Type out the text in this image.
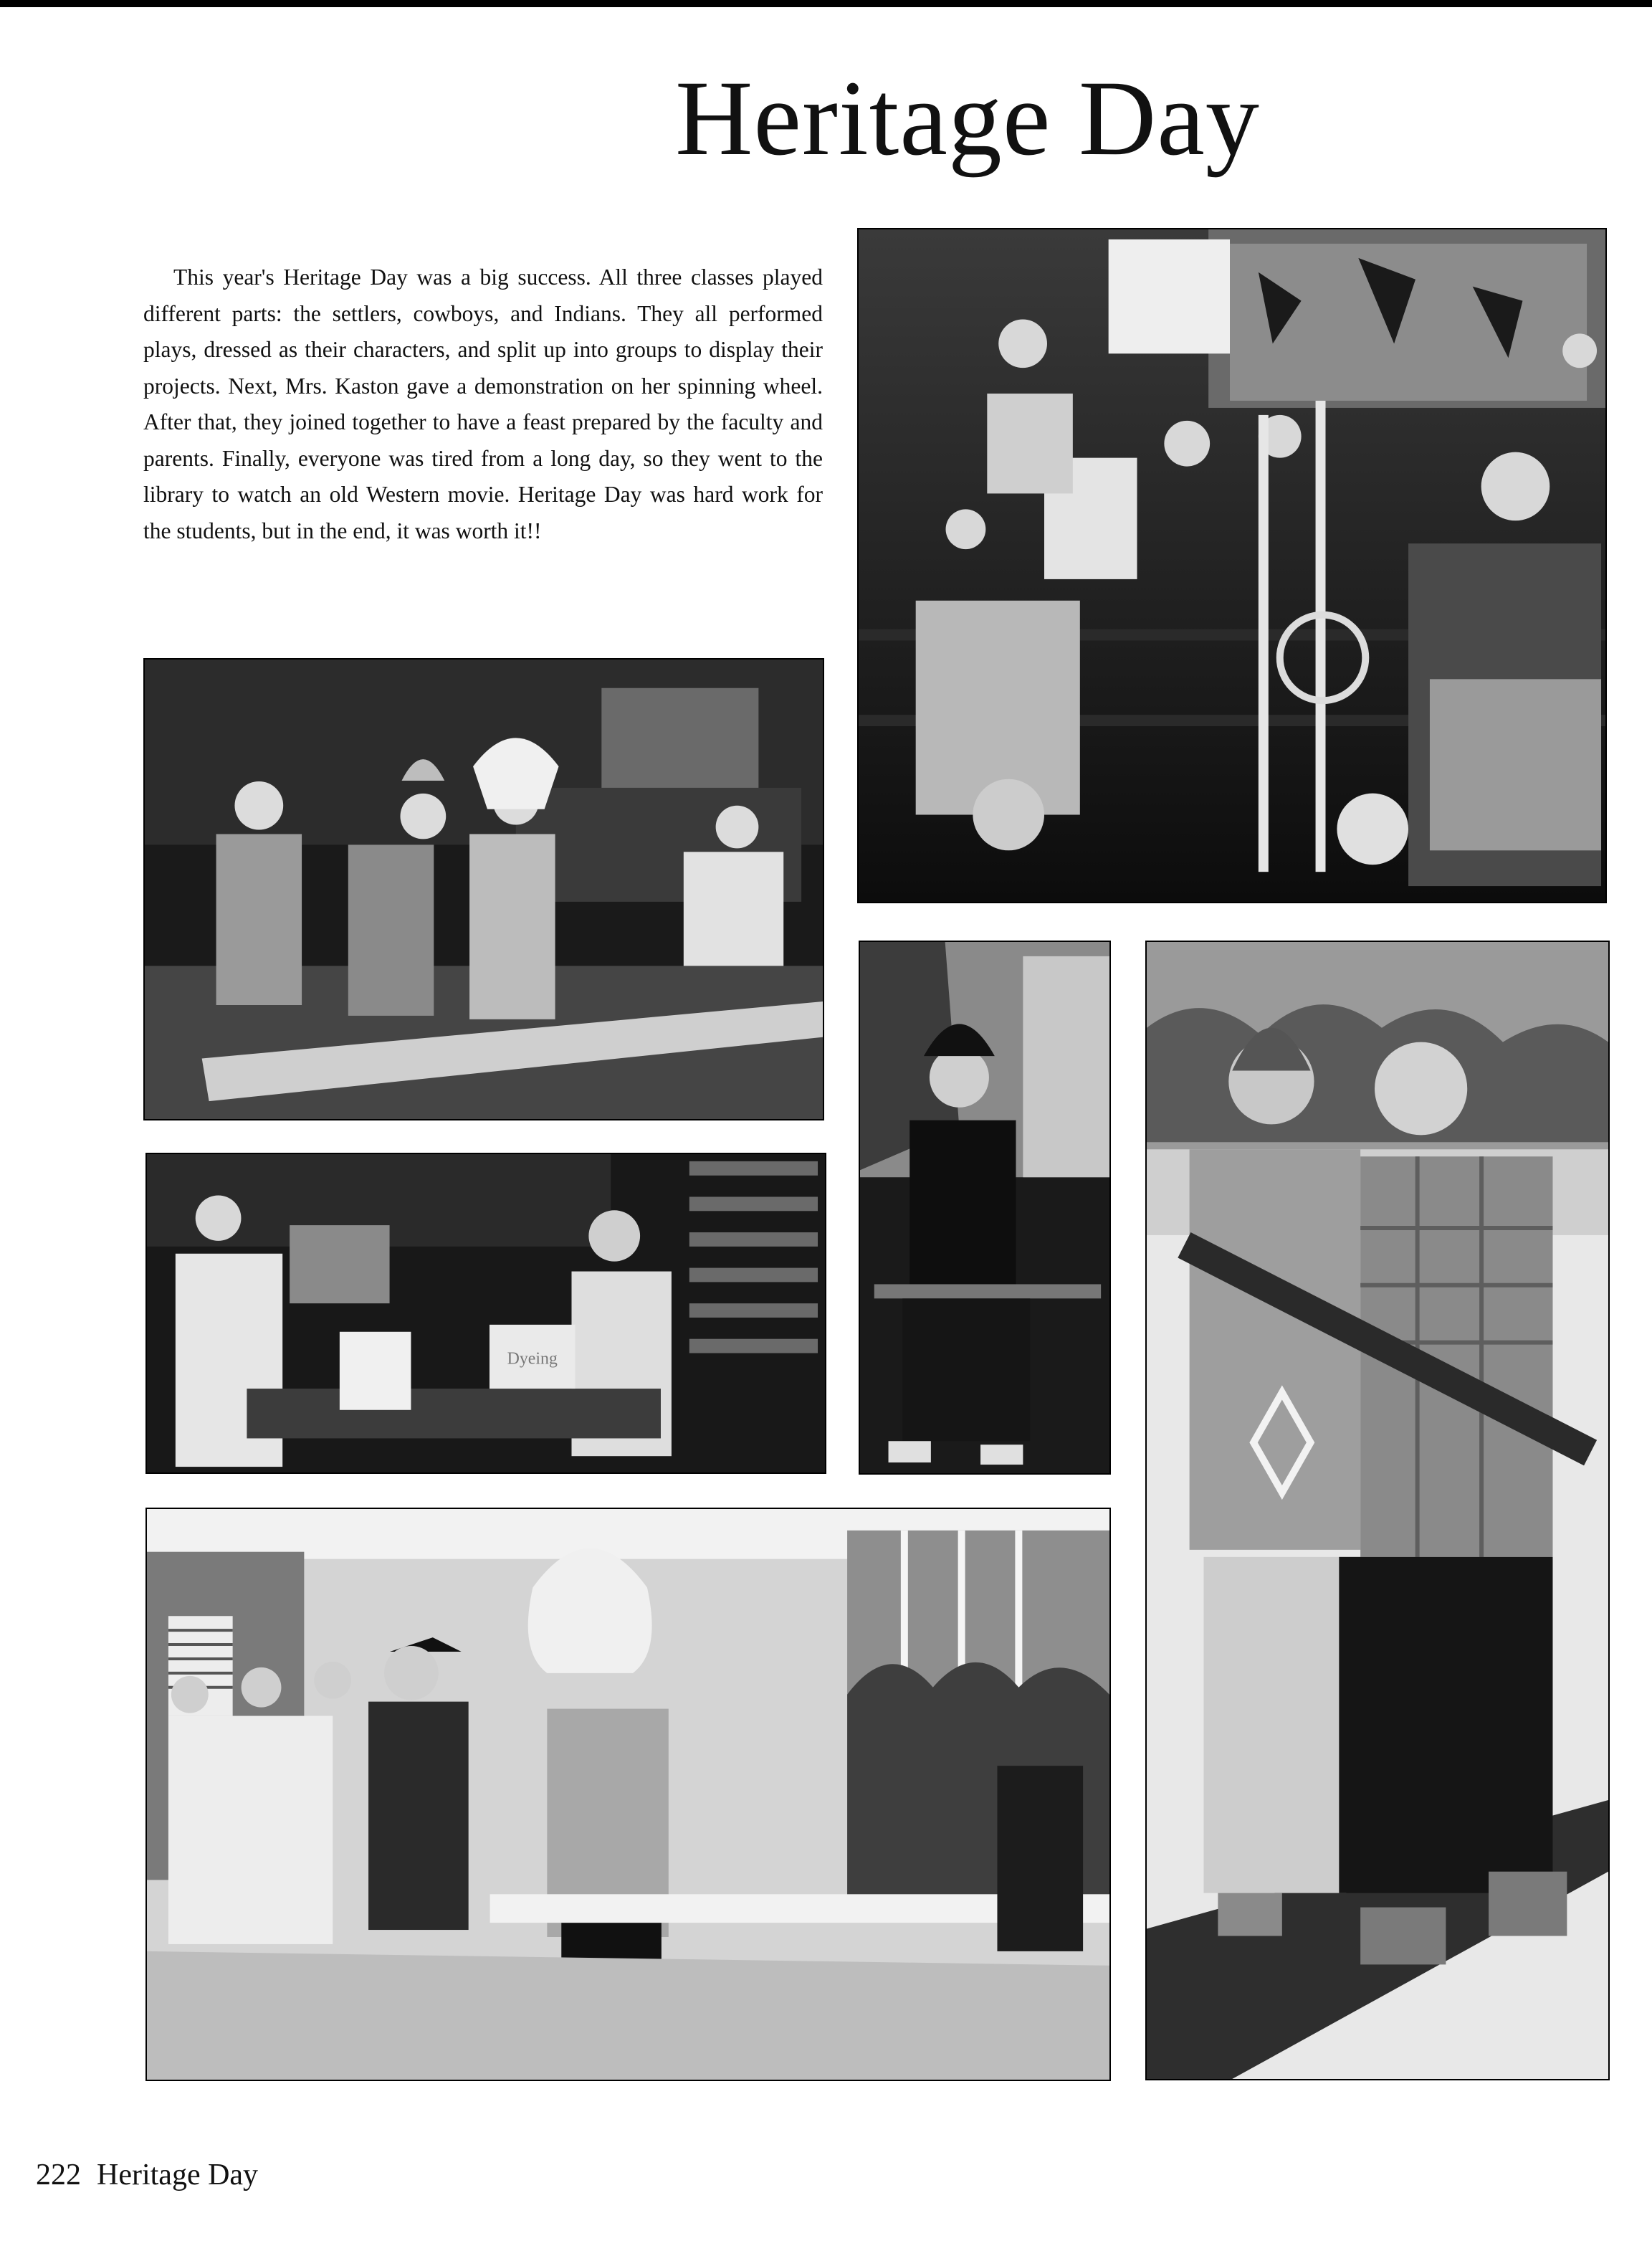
Heritage Day

This year's Heritage Day was a big success. All three classes played different parts: the settlers, cowboys, and Indians. They all performed plays, dressed as their characters, and split up into groups to display their projects. Next, Mrs. Kaston gave a demonstration on her spinning wheel. After that, they joined together to have a feast prepared by the faculty and parents. Finally, everyone was tired from a long day, so they went to the library to watch an old Western movie. Heritage Day was hard work for the students, but in the end, it was worth it!!

Dyeing
222 Heritage Day
